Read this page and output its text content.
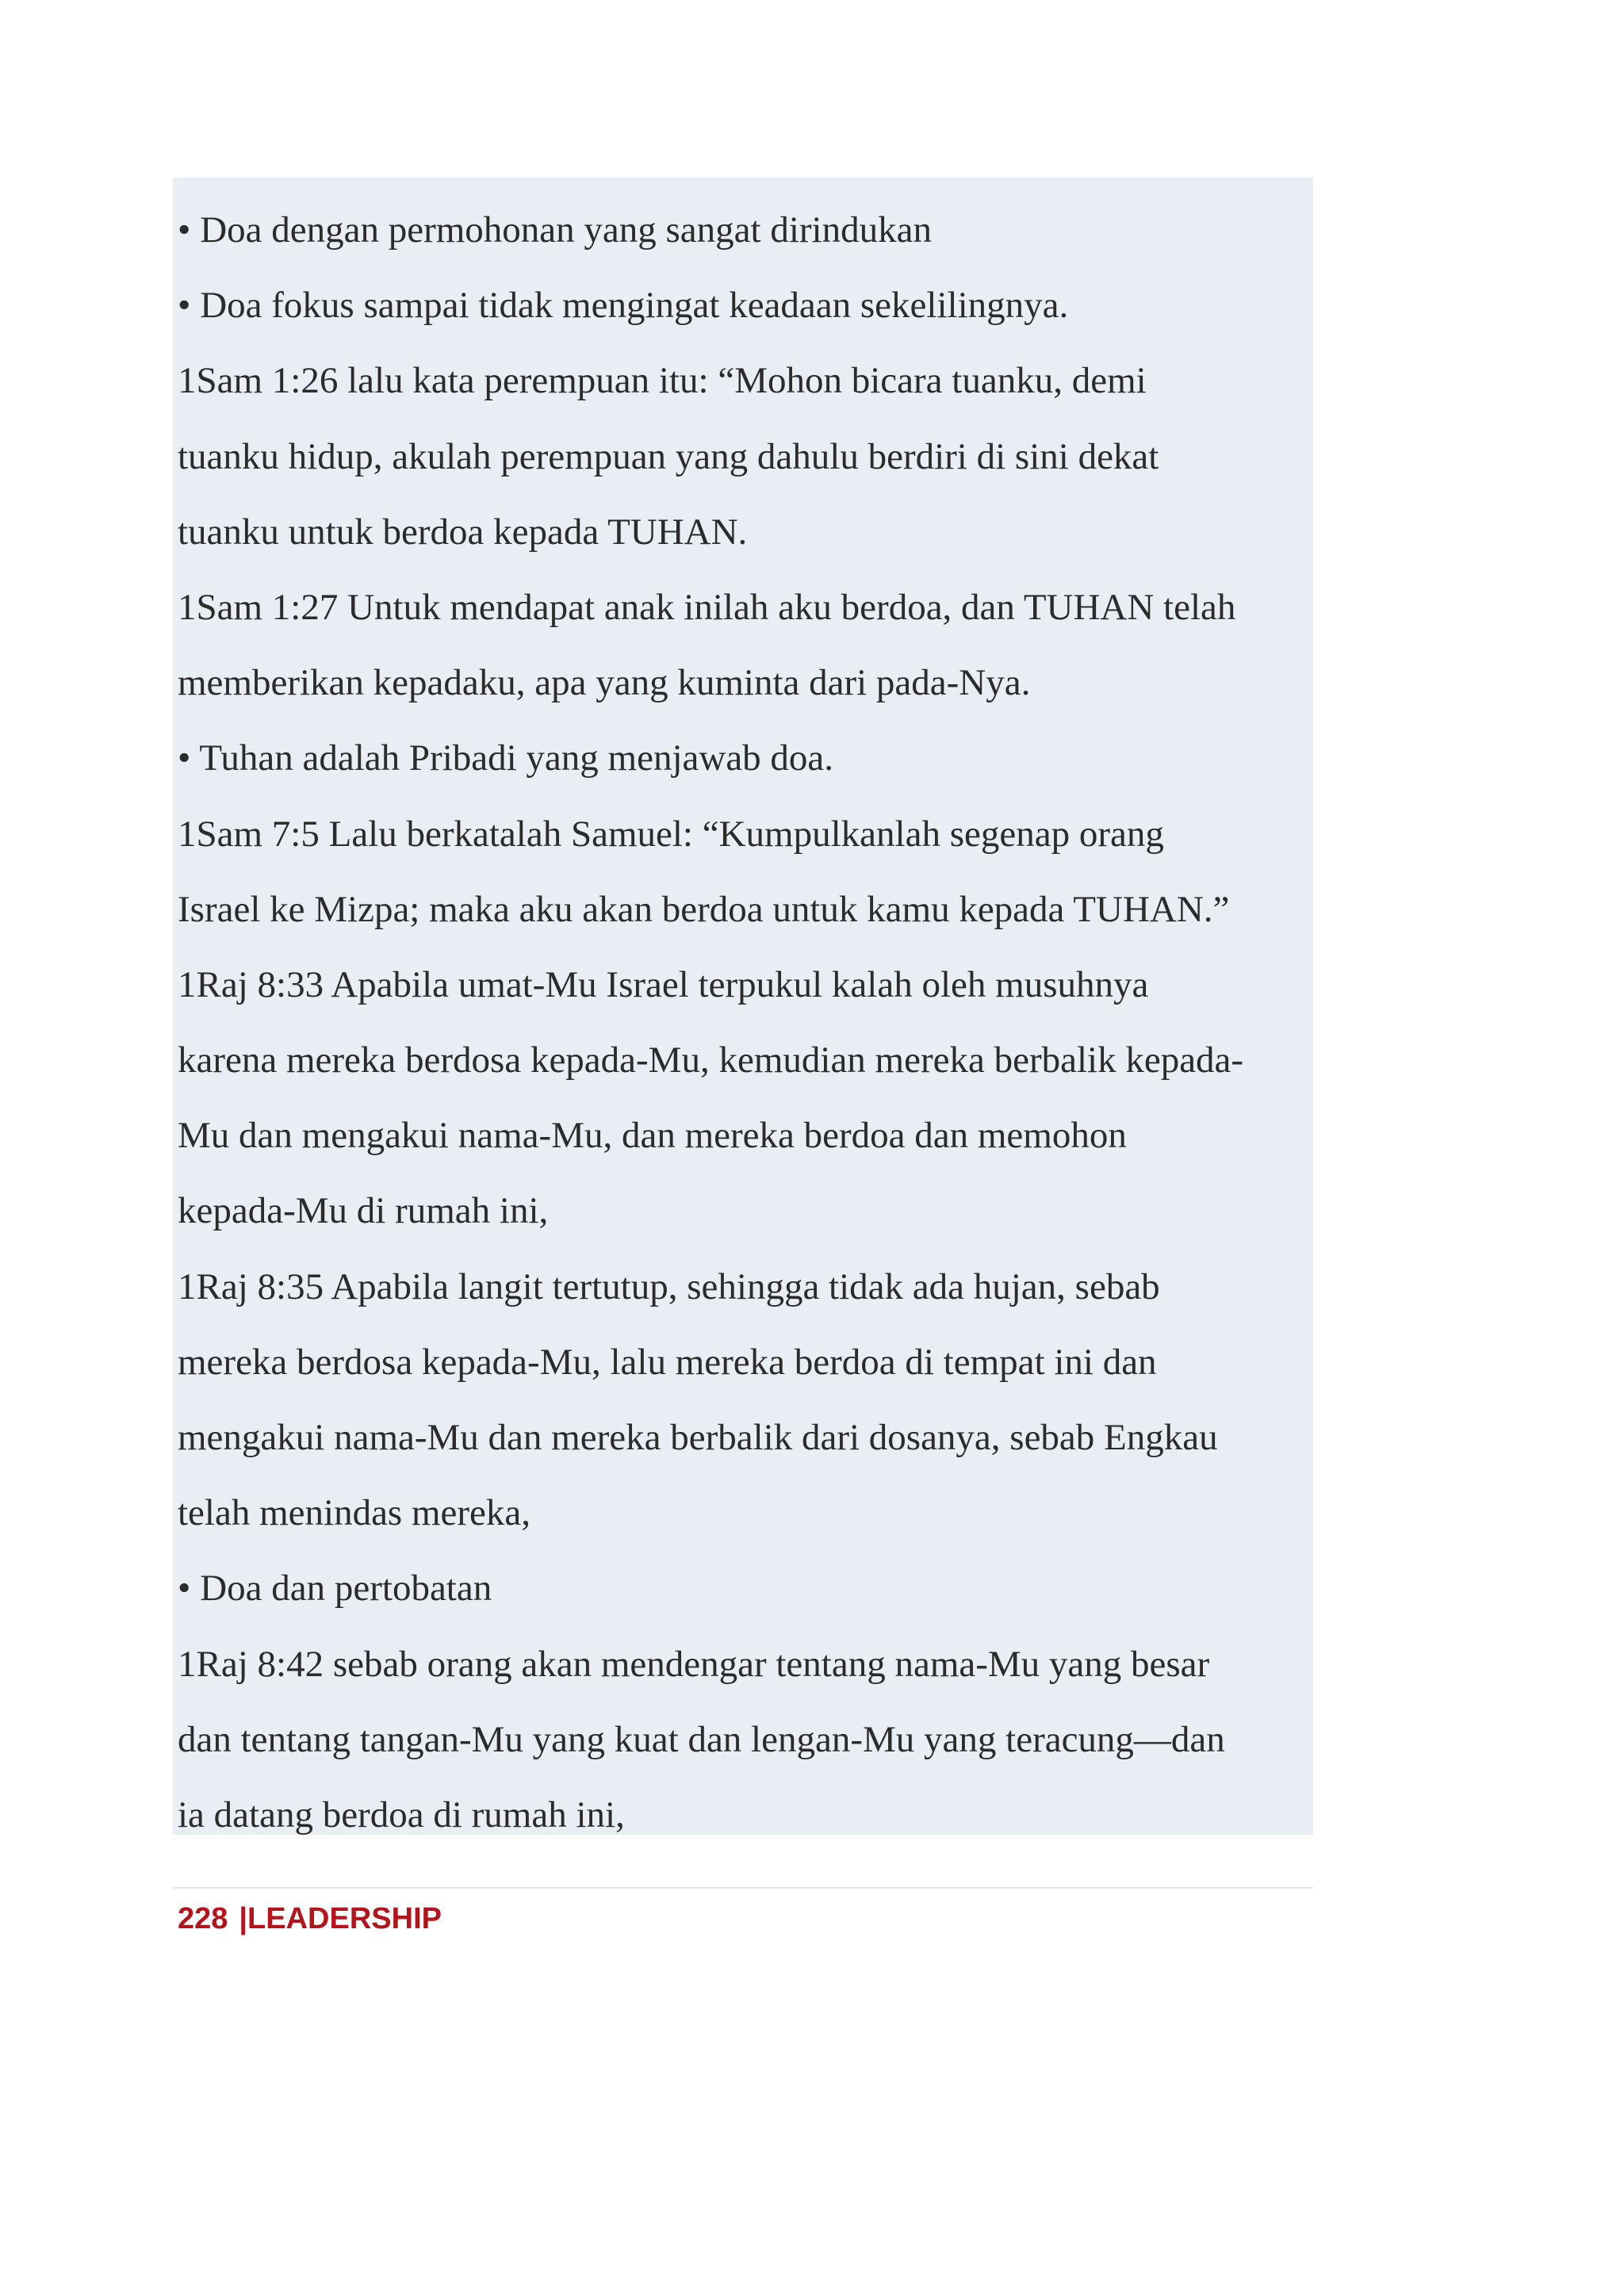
• Doa dengan permohonan yang sangat dirindukan
• Doa fokus sampai tidak mengingat keadaan sekelilingnya.
1Sam 1:26 lalu kata perempuan itu: “Mohon bicara tuanku, demi
tuanku hidup, akulah perempuan yang dahulu berdiri di sini dekat
tuanku untuk berdoa kepada TUHAN.
1Sam 1:27 Untuk mendapat anak inilah aku berdoa, dan TUHAN telah
memberikan kepadaku, apa yang kuminta dari pada-Nya.
• Tuhan adalah Pribadi yang menjawab doa.
1Sam 7:5 Lalu berkatalah Samuel: “Kumpulkanlah segenap orang
Israel ke Mizpa; maka aku akan berdoa untuk kamu kepada TUHAN.”
1Raj 8:33 Apabila umat-Mu Israel terpukul kalah oleh musuhnya
karena mereka berdosa kepada-Mu, kemudian mereka berbalik kepada-
Mu dan mengakui nama-Mu, dan mereka berdoa dan memohon
kepada-Mu di rumah ini,
1Raj 8:35 Apabila langit tertutup, sehingga tidak ada hujan, sebab
mereka berdosa kepada-Mu, lalu mereka berdoa di tempat ini dan
mengakui nama-Mu dan mereka berbalik dari dosanya, sebab Engkau
telah menindas mereka,
• Doa dan pertobatan
1Raj 8:42 sebab orang akan mendengar tentang nama-Mu yang besar
dan tentang tangan-Mu yang kuat dan lengan-Mu yang teracung—dan
ia datang berdoa di rumah ini,
228 |LEADERSHIP
